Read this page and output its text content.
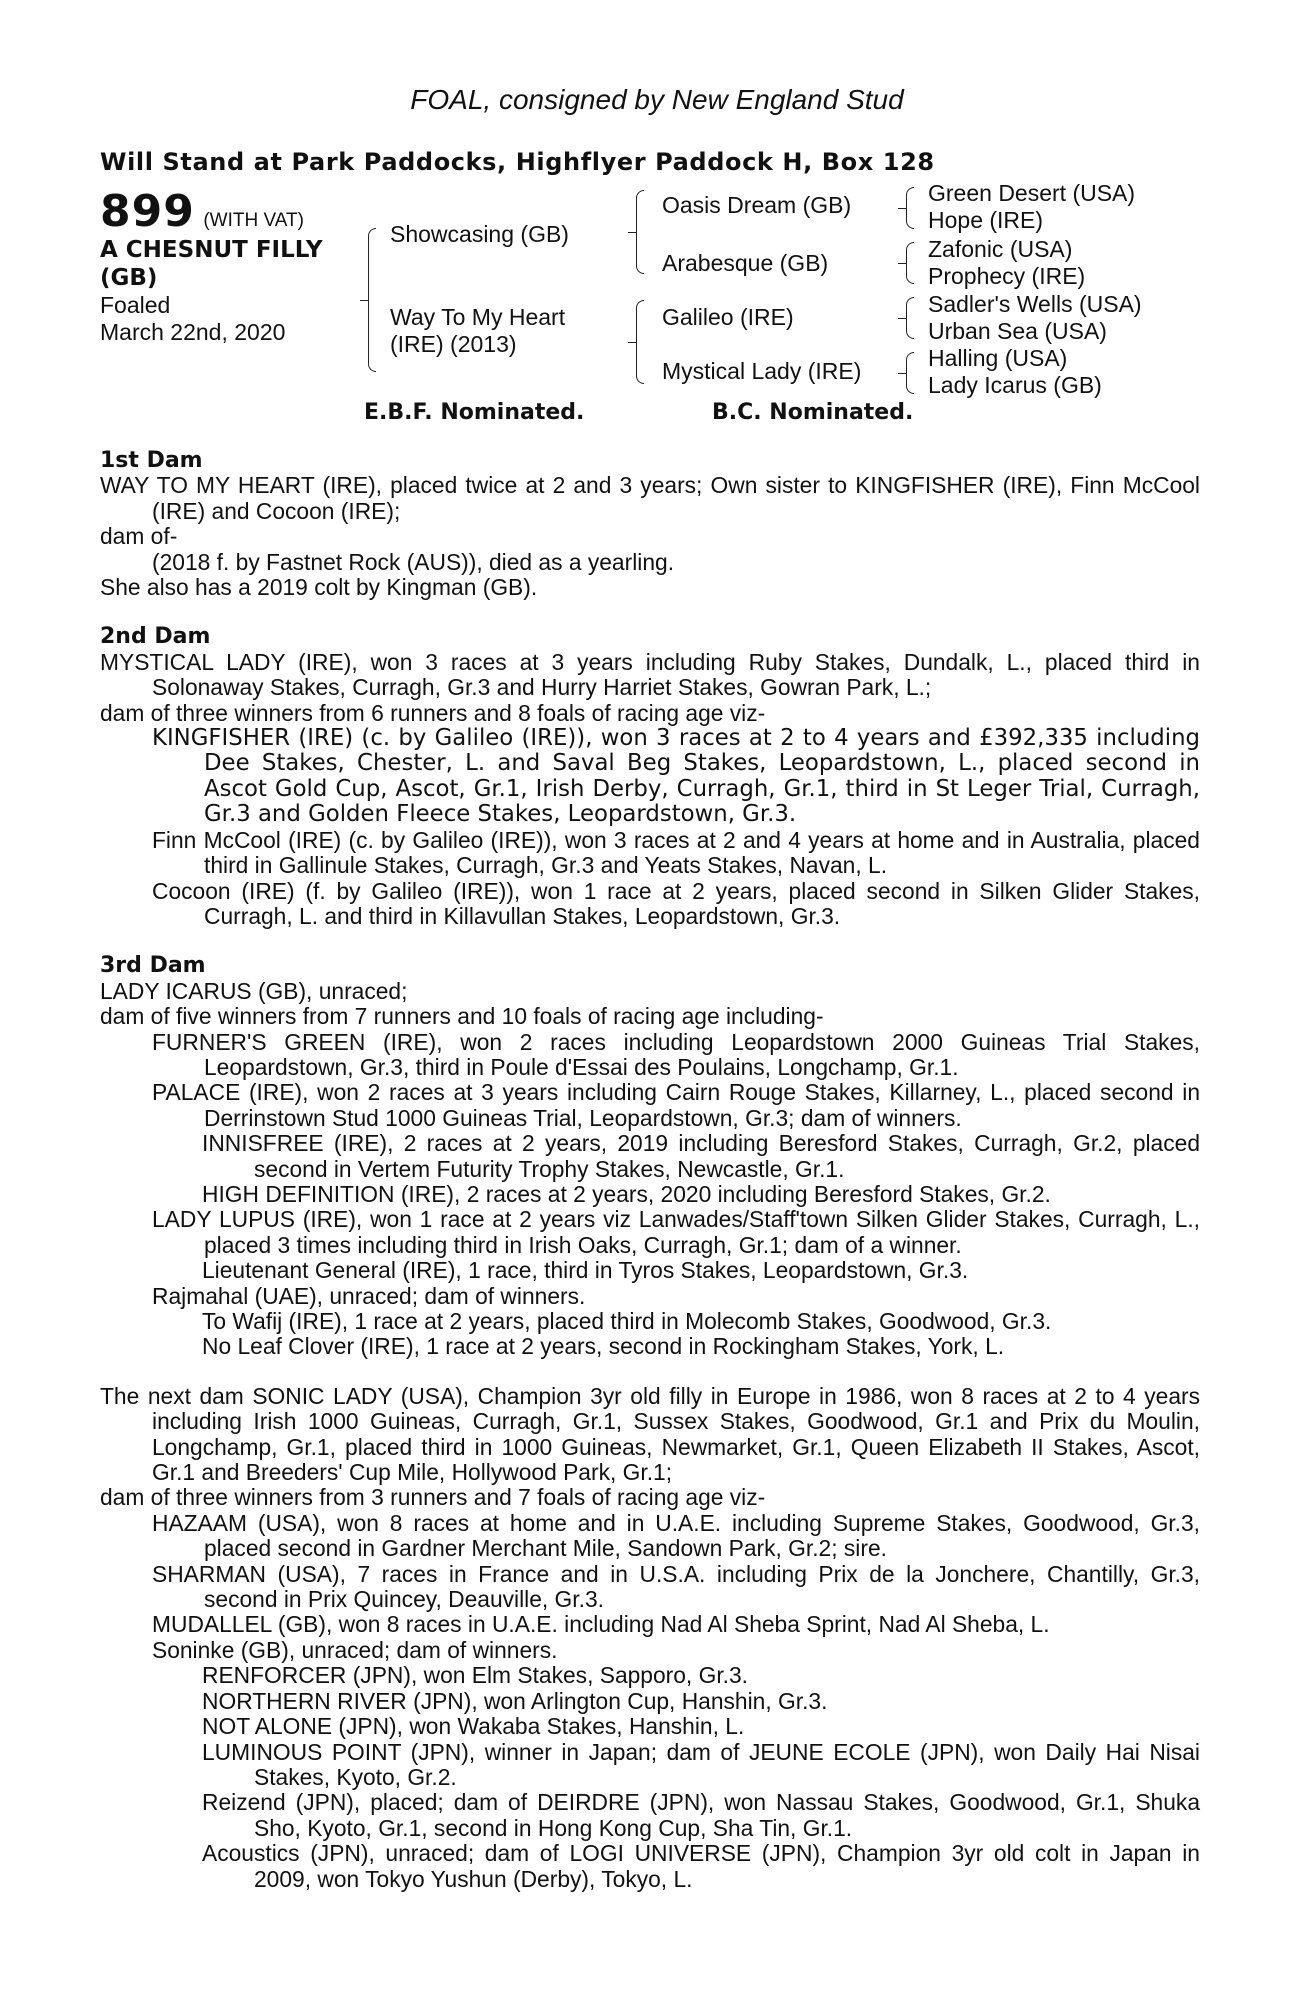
FOAL, consigned by New England Stud
Will Stand at Park Paddocks, Highflyer Paddock H, Box 128
899 (WITH VAT)
A CHESNUT FILLY (GB)
Foaled
March 22nd, 2020
Showcasing (GB)
Way To My Heart (IRE) (2013)
Oasis Dream (GB)
Arabesque (GB)
Galileo (IRE)
Mystical Lady (IRE)
Green Desert (USA)
Hope (IRE)
Zafonic (USA)
Prophecy (IRE)
Sadler's Wells (USA)
Urban Sea (USA)
Halling (USA)
Lady Icarus (GB)
E.B.F. Nominated.	B.C. Nominated.

1st Dam

WAY TO MY HEART (IRE), placed twice at 2 and 3 years; Own sister to KINGFISHER (IRE), Finn McCool (IRE) and Cocoon (IRE);

dam of-

(2018 f. by Fastnet Rock (AUS)), died as a yearling.

She also has a 2019 colt by Kingman (GB).

2nd Dam

MYSTICAL LADY (IRE), won 3 races at 3 years including Ruby Stakes, Dundalk, L., placed third in Solonaway Stakes, Curragh, Gr.3 and Hurry Harriet Stakes, Gowran Park, L.;

dam of three winners from 6 runners and 8 foals of racing age viz-

KINGFISHER (IRE) (c. by Galileo (IRE)), won 3 races at 2 to 4 years and £392,335 including Dee Stakes, Chester, L. and Saval Beg Stakes, Leopardstown, L., placed second in Ascot Gold Cup, Ascot, Gr.1, Irish Derby, Curragh, Gr.1, third in St Leger Trial, Curragh, Gr.3 and Golden Fleece Stakes, Leopardstown, Gr.3.

Finn McCool (IRE) (c. by Galileo (IRE)), won 3 races at 2 and 4 years at home and in Australia, placed third in Gallinule Stakes, Curragh, Gr.3 and Yeats Stakes, Navan, L.

Cocoon (IRE) (f. by Galileo (IRE)), won 1 race at 2 years, placed second in Silken Glider Stakes, Curragh, L. and third in Killavullan Stakes, Leopardstown, Gr.3.

3rd Dam

LADY ICARUS (GB), unraced;

dam of five winners from 7 runners and 10 foals of racing age including-

FURNER'S GREEN (IRE), won 2 races including Leopardstown 2000 Guineas Trial Stakes, Leopardstown, Gr.3, third in Poule d'Essai des Poulains, Longchamp, Gr.1.

PALACE (IRE), won 2 races at 3 years including Cairn Rouge Stakes, Killarney, L., placed second in Derrinstown Stud 1000 Guineas Trial, Leopardstown, Gr.3; dam of winners.

INNISFREE (IRE), 2 races at 2 years, 2019 including Beresford Stakes, Curragh, Gr.2, placed second in Vertem Futurity Trophy Stakes, Newcastle, Gr.1.

HIGH DEFINITION (IRE), 2 races at 2 years, 2020 including Beresford Stakes, Gr.2.

LADY LUPUS (IRE), won 1 race at 2 years viz Lanwades/Staff'town Silken Glider Stakes, Curragh, L., placed 3 times including third in Irish Oaks, Curragh, Gr.1; dam of a winner.

Lieutenant General (IRE), 1 race, third in Tyros Stakes, Leopardstown, Gr.3.

Rajmahal (UAE), unraced; dam of winners.

To Wafij (IRE), 1 race at 2 years, placed third in Molecomb Stakes, Goodwood, Gr.3.

No Leaf Clover (IRE), 1 race at 2 years, second in Rockingham Stakes, York, L.

The next dam SONIC LADY (USA), Champion 3yr old filly in Europe in 1986, won 8 races at 2 to 4 years including Irish 1000 Guineas, Curragh, Gr.1, Sussex Stakes, Goodwood, Gr.1 and Prix du Moulin, Longchamp, Gr.1, placed third in 1000 Guineas, Newmarket, Gr.1, Queen Elizabeth II Stakes, Ascot, Gr.1 and Breeders' Cup Mile, Hollywood Park, Gr.1;

dam of three winners from 3 runners and 7 foals of racing age viz-

HAZAAM (USA), won 8 races at home and in U.A.E. including Supreme Stakes, Goodwood, Gr.3, placed second in Gardner Merchant Mile, Sandown Park, Gr.2; sire.

SHARMAN (USA), 7 races in France and in U.S.A. including Prix de la Jonchere, Chantilly, Gr.3, second in Prix Quincey, Deauville, Gr.3.

MUDALLEL (GB), won 8 races in U.A.E. including Nad Al Sheba Sprint, Nad Al Sheba, L.

Soninke (GB), unraced; dam of winners.

RENFORCER (JPN), won Elm Stakes, Sapporo, Gr.3.

NORTHERN RIVER (JPN), won Arlington Cup, Hanshin, Gr.3.

NOT ALONE (JPN), won Wakaba Stakes, Hanshin, L.

LUMINOUS POINT (JPN), winner in Japan; dam of JEUNE ECOLE (JPN), won Daily Hai Nisai Stakes, Kyoto, Gr.2.

Reizend (JPN), placed; dam of DEIRDRE (JPN), won Nassau Stakes, Goodwood, Gr.1, Shuka Sho, Kyoto, Gr.1, second in Hong Kong Cup, Sha Tin, Gr.1.

Acoustics (JPN), unraced; dam of LOGI UNIVERSE (JPN), Champion 3yr old colt in Japan in 2009, won Tokyo Yushun (Derby), Tokyo, L.
